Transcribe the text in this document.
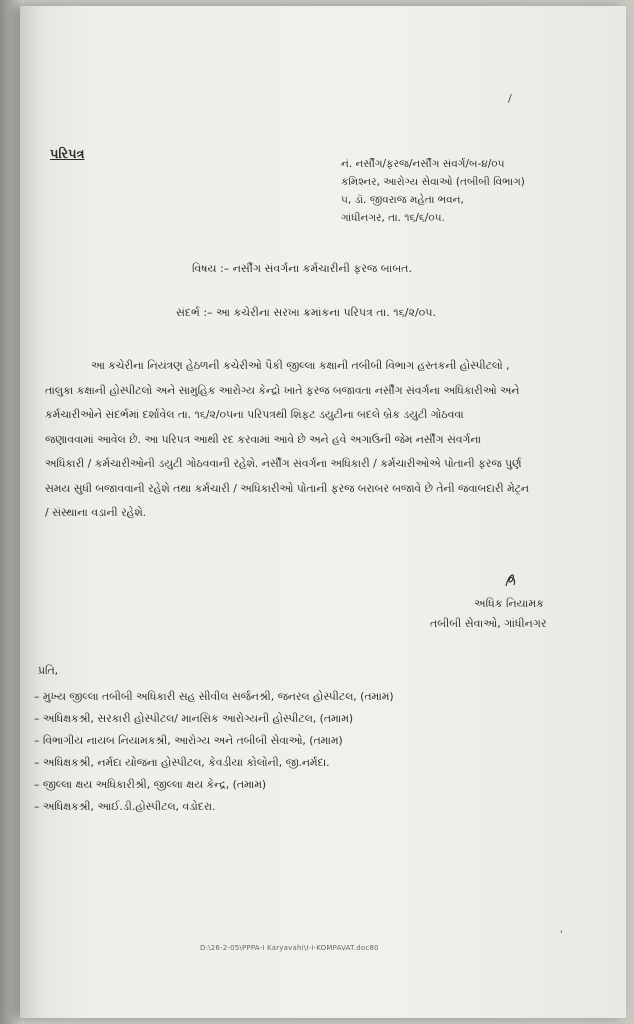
/
પરિપત્ર
નં. નર્સીંગ/ફરજ/નર્સીંગ સંવર્ગ/બ-૪/૦૫
કમિશ્નર, આરોગ્ય સેવાઓ (તબીબી વિભાગ)
૫, ડૉ. જીવરાજ મહેતા ભવન,
ગાંધીનગર, તા. ૧૬/૬/૦૫.
વિષય :– નર્સીંગ સંવર્ગના કર્મચારીની ફરજ બાબત.
સંદર્ભ :– આ કચેરીના સરખા ક્રમાંકના પરિપત્ર તા. ૧૬/૨/૦૫.
આ કચેરીના નિયંત્રણ હેઠળની કચેરીઓ પૈકી જીલ્લા કક્ષાની તબીબી વિભાગ હસ્તકની હોસ્પીટલો ,
તાલુકા કક્ષાની હોસ્પીટલો અને સામુહિક આરોગ્ય કેન્દ્રો ખાતે ફરજ બજાવતા નર્સીંગ સંવર્ગના અધિકારીઓ અને
કર્મચારીઓને સંદર્ભમાં દર્શાવેલ તા. ૧૬/૨/૦૫ના પરિપત્રથી શિફટ ડયુટીના બદલે બ્રેક ડયુટી ગોઠવવા
જણાવવામાં આવેલ છે. આ પરિપત્ર આથી રદ કરવામાં આવે છે અને હવે અગાઉની જેમ નર્સીંગ સંવર્ગના
અધિકારી / કર્મચારીઓની ડયુટી ગોઠવવાની રહેશે. નર્સીંગ સંવર્ગના અધિકારી / કર્મચારીઓએ પોતાની ફરજ પુર્ણ
સમય સુધી બજાવવાની રહેશે તથા કર્મચારી / અધિકારીઓ પોતાની ફરજ બરાબર બજાવે છે તેની જવાબદારી મેટ્રન
/ સંસ્થાના વડાની રહેશે.
અધિક નિયામક
તબીબી સેવાઓ, ગાંધીનગર
પ્રતિ,
– મુખ્ય જીલ્લા તબીબી અધિકારી સહ સીવીલ સર્જનશ્રી, જનરલ હોસ્પીટલ, (તમામ)
– અધિક્ષકશ્રી, સરકારી હોસ્પીટલ/ માનસિક આરોગ્યની હોસ્પીટલ, (તમામ)
– વિભાગીય નાયબ નિયામકશ્રી, આરોગ્ય અને તબીબી સેવાઓ, (તમામ)
– અધિક્ષકશ્રી, નર્મદા યોજના હોસ્પીટલ, કેવડીયા કોલોની, જી.નર્મદા.
– જીલ્લા ક્ષય અધિકારીશ્રી, જીલ્લા ક્ષય કેન્દ્ર, (તમામ)
– અધિક્ષકશ્રી, આઈ.ડી.હોસ્પીટલ, વડોદરા.
D:\26-2-05\PPPA-I Karyavahi\I-I-KOMPAVAT.doc80
'
